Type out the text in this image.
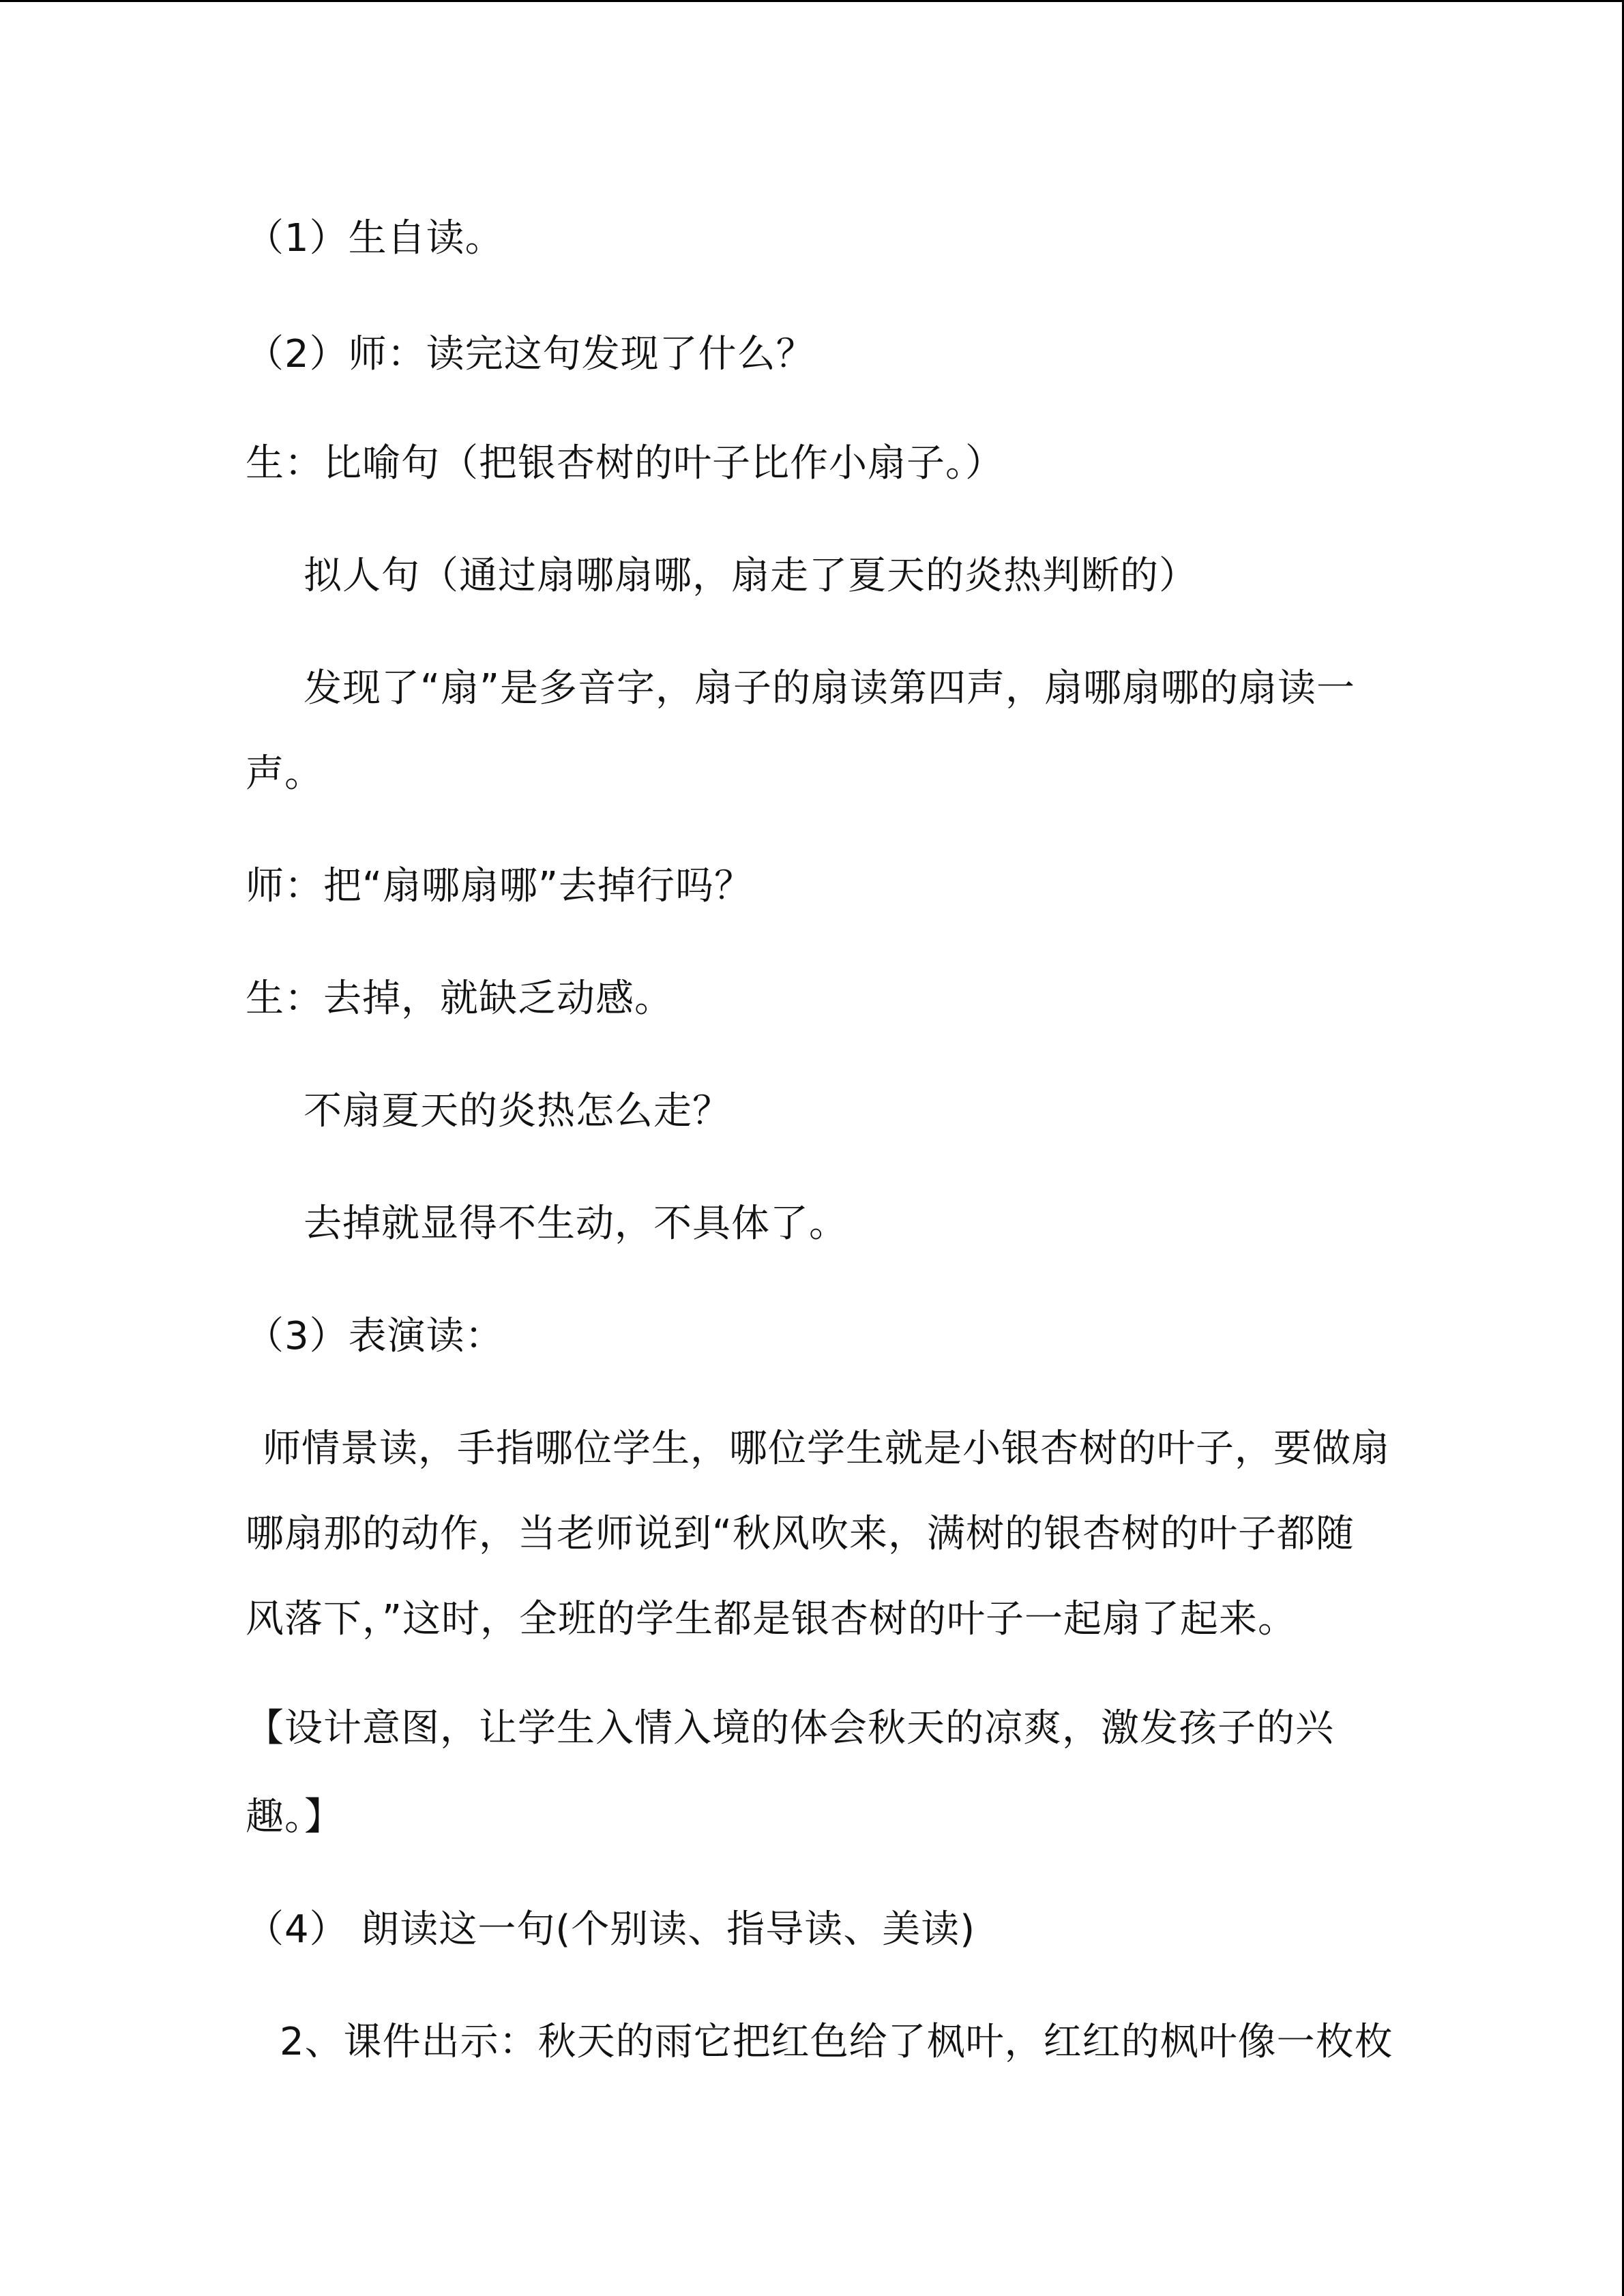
（1）生自读。
（2）师：读完这句发现了什么？
生：比喻句（把银杏树的叶子比作小扇子。）
拟人句（通过扇哪扇哪，扇走了夏天的炎热判断的）
发现了“扇”是多音字，扇子的扇读第四声，扇哪扇哪的扇读一
声。
师：把“扇哪扇哪”去掉行吗？
生：去掉，就缺乏动感。
不扇夏天的炎热怎么走？
去掉就显得不生动，不具体了。
（3）表演读：
师情景读，手指哪位学生，哪位学生就是小银杏树的叶子，要做扇
哪扇那的动作，当老师说到“秋风吹来，满树的银杏树的叶子都随
风落下，”这时，全班的学生都是银杏树的叶子一起扇了起来。
【设计意图，让学生入情入境的体会秋天的凉爽，激发孩子的兴
趣。】
（4） 朗读这一句(个别读、指导读、美读)
2、课件出示：秋天的雨它把红色给了枫叶，红红的枫叶像一枚枚
